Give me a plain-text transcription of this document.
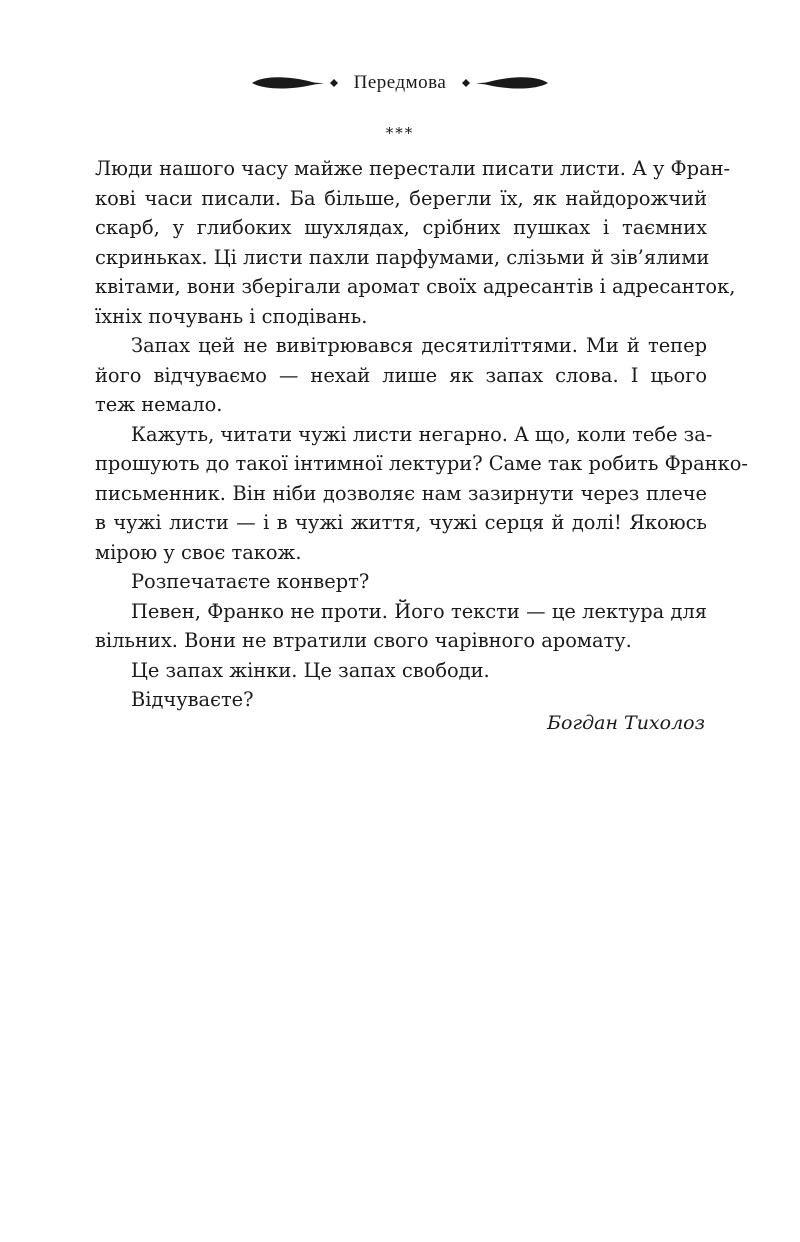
Передмова
***
Люди нашого часу майже перестали писати листи. А у Фран-
кові часи писали. Ба більше, берегли їх, як найдорожчий
скарб, у глибоких шухлядах, срібних пушках і таємних
скриньках. Ці листи пахли парфумами, слізьми й зів’ялими
квітами, вони зберігали аромат своїх адресантів і адресанток,
їхніх почувань і сподівань.
Запах цей не вивітрювався десятиліттями. Ми й тепер
його відчуваємо — нехай лише як запах слова. І цього
теж немало.
Кажуть, читати чужі листи негарно. А що, коли тебе за-
прошують до такої інтимної лектури? Саме так робить Франко-
письменник. Він ніби дозволяє нам зазирнути через плече
в чужі листи — і в чужі життя, чужі серця й долі! Якоюсь
мірою у своє також.
Розпечатаєте конверт?
Певен, Франко не проти. Його тексти — це лектура для
вільних. Вони не втратили свого чарівного аромату.
Це запах жінки. Це запах свободи.
Відчуваєте?
Богдан Тихолоз
